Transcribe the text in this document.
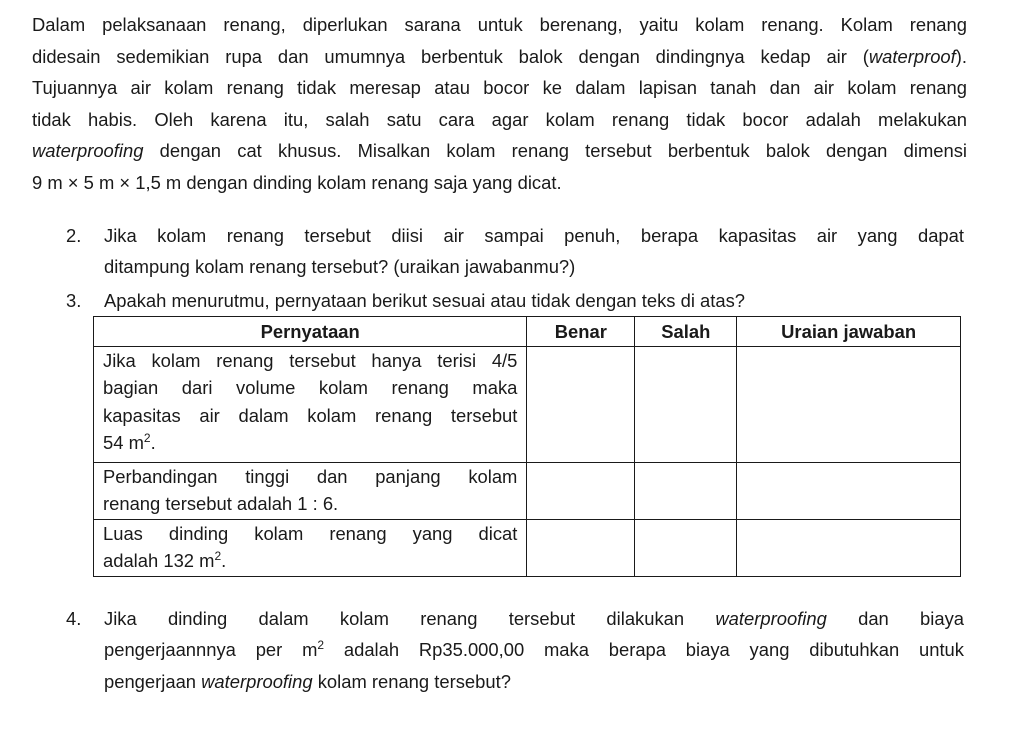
Dalam pelaksanaan renang, diperlukan sarana untuk berenang, yaitu kolam renang. Kolam renang
didesain sedemikian rupa dan umumnya berbentuk balok dengan dindingnya kedap air (waterproof).
Tujuannya air kolam renang tidak meresap atau bocor ke dalam lapisan tanah dan air kolam renang
tidak habis. Oleh karena itu, salah satu cara agar kolam renang tidak bocor adalah melakukan
waterproofing dengan cat khusus. Misalkan kolam renang tersebut berbentuk balok dengan dimensi
9 m × 5 m × 1,5 m dengan dinding kolam renang saja yang dicat.

2.	Jika kolam renang tersebut diisi air sampai penuh, berapa kapasitas air yang dapat
ditampung kolam renang tersebut? (uraikan jawabanmu?)
3.	Apakah menurutmu, pernyataan berikut sesuai atau tidak dengan teks di atas?
Pernyataan	Benar	Salah	Uraian jawaban

Jika kolam renang tersebut hanya terisi 4/5
bagian dari volume kolam renang maka
kapasitas air dalam kolam renang tersebut
54 $m^2$.			

Perbandingan tinggi dan panjang kolam
renang tersebut adalah 1 : 6.			

Luas dinding kolam renang yang dicat
adalah 132 $m^2$.			

4.	Jika dinding dalam kolam renang tersebut dilakukan waterproofing dan biaya
pengerjaannnya per $m^2$ adalah Rp35.000,00 maka berapa biaya yang dibutuhkan untuk
pengerjaan waterproofing kolam renang tersebut?
